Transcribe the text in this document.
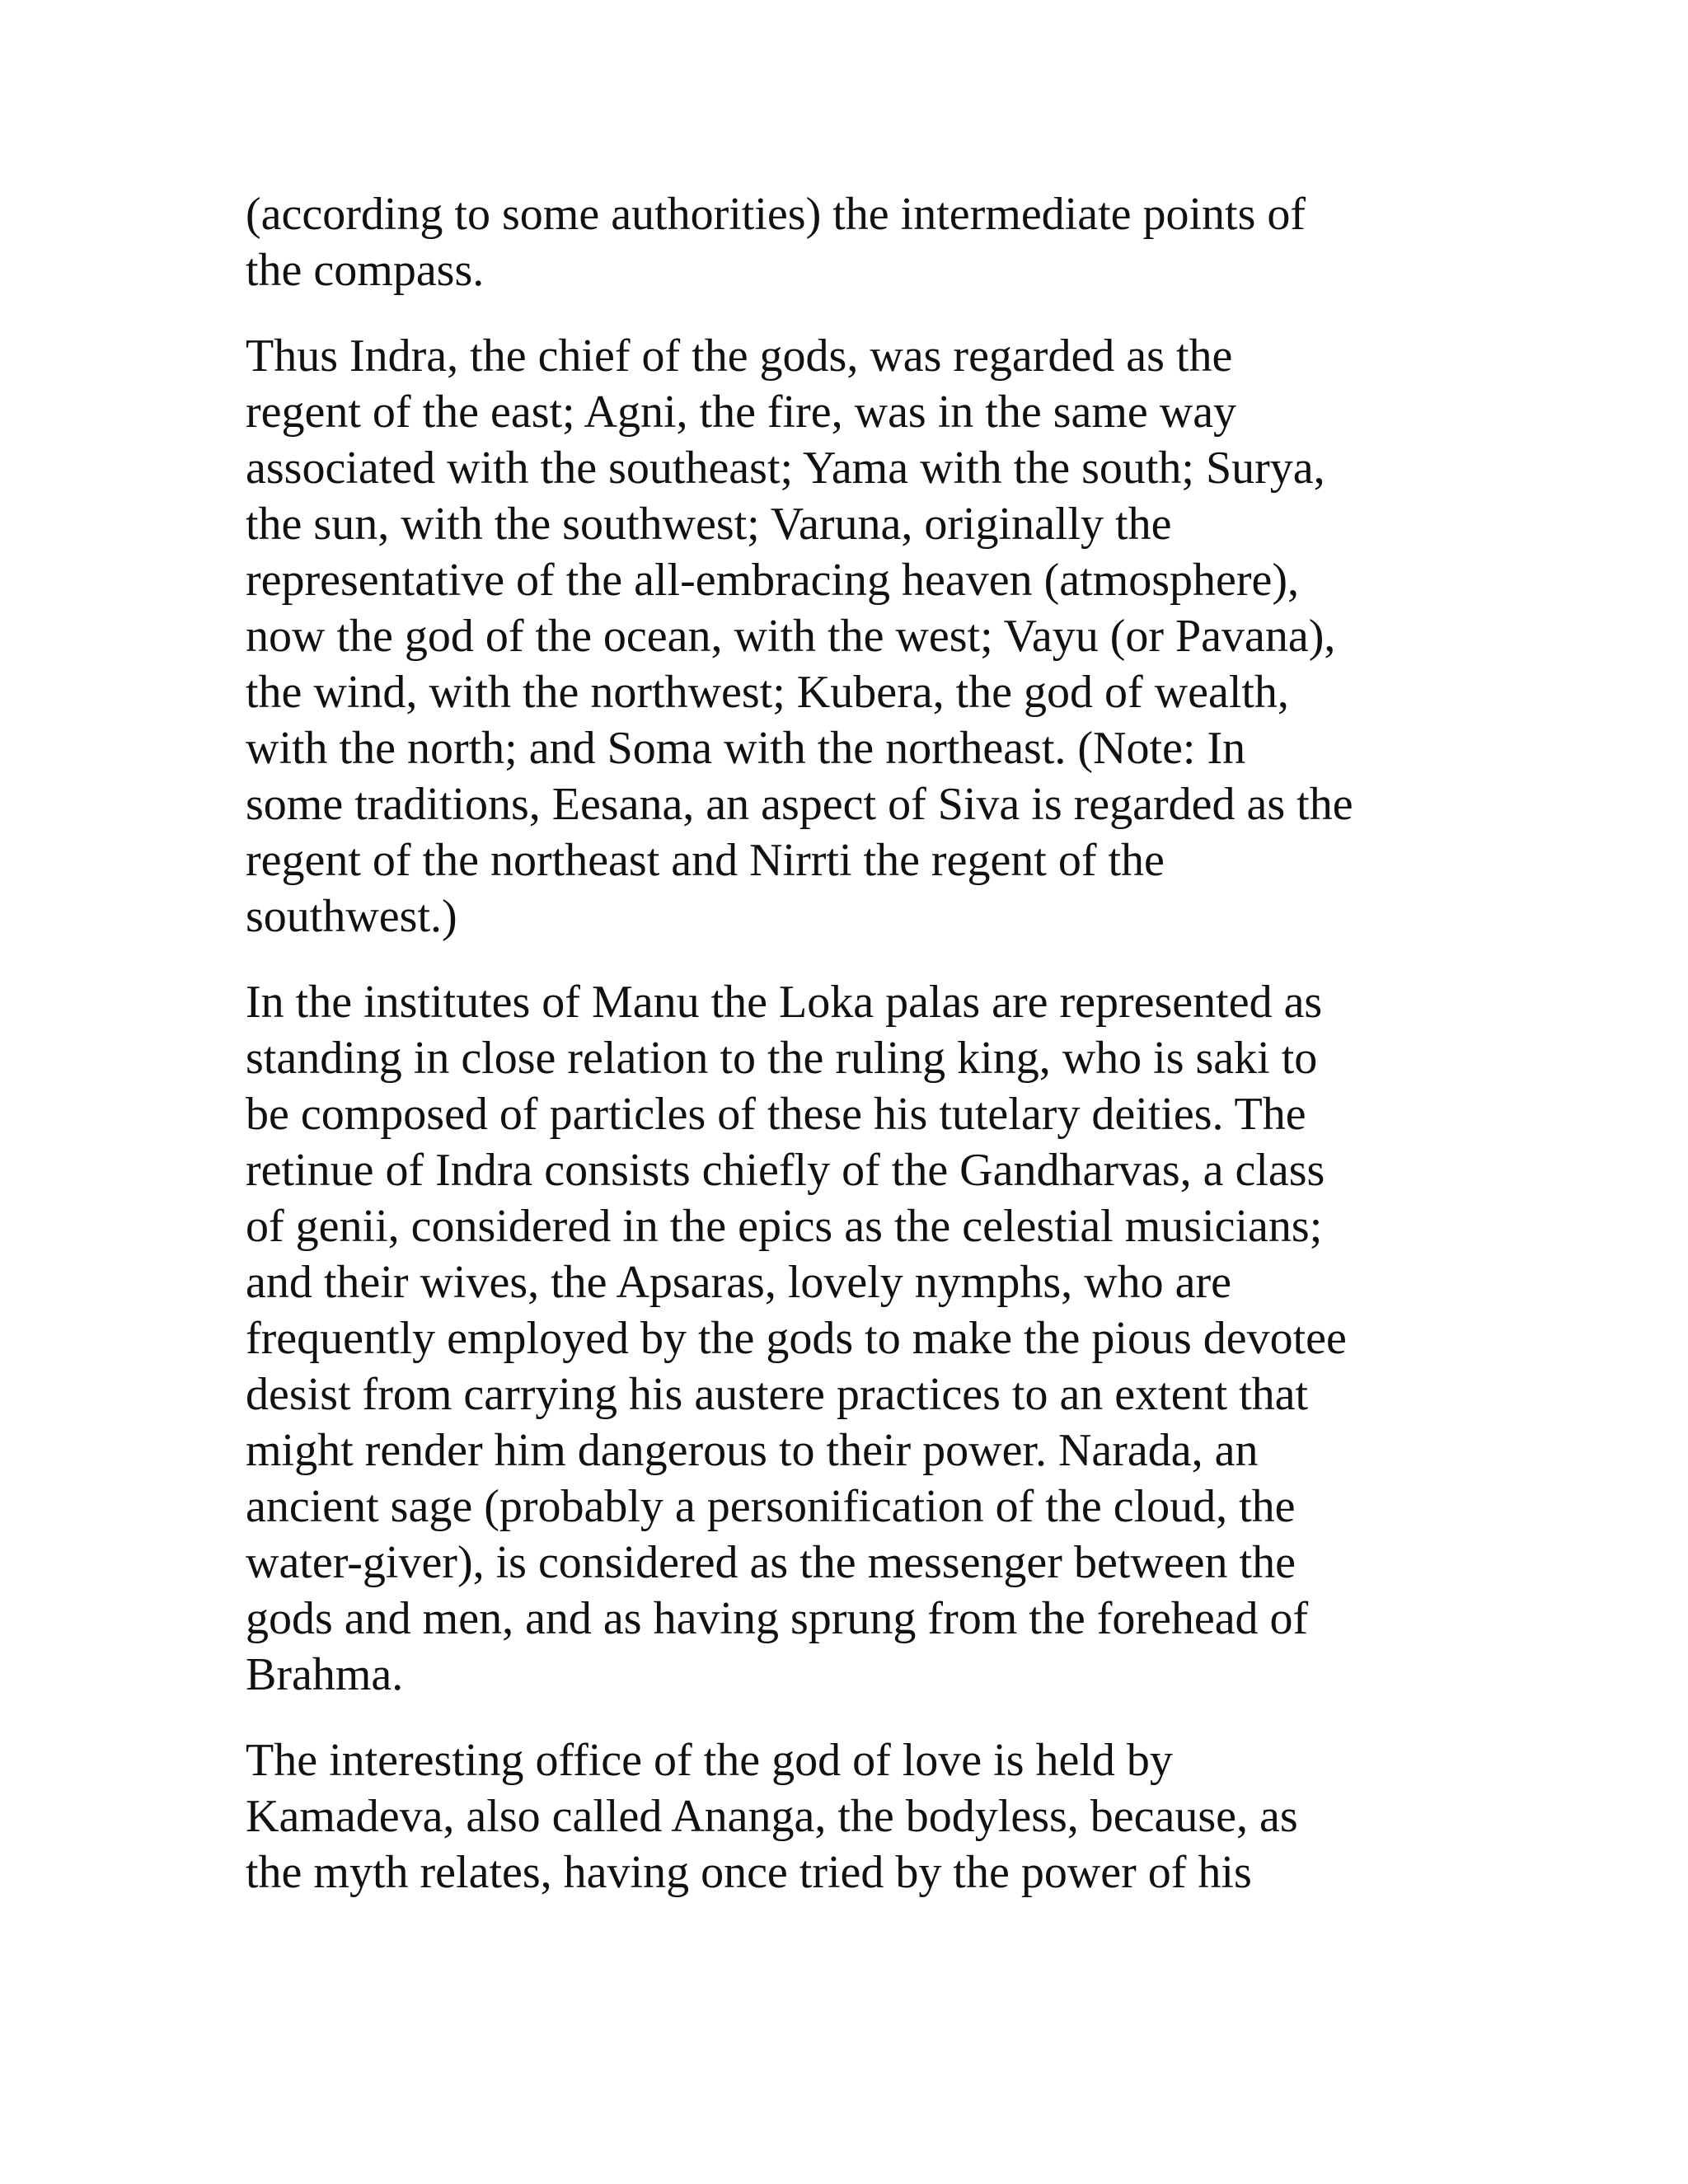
(according to some authorities) the intermediate points of
the compass.

Thus Indra, the chief of the gods, was regarded as the
regent of the east; Agni, the fire, was in the same way
associated with the southeast; Yama with the south; Surya,
the sun, with the southwest; Varuna, originally the
representative of the all-embracing heaven (atmosphere),
now the god of the ocean, with the west; Vayu (or Pavana),
the wind, with the northwest; Kubera, the god of wealth,
with the north; and Soma with the northeast. (Note: In
some traditions, Eesana, an aspect of Siva is regarded as the
regent of the northeast and Nirrti the regent of the
southwest.)

In the institutes of Manu the Loka palas are represented as
standing in close relation to the ruling king, who is saki to
be composed of particles of these his tutelary deities. The
retinue of Indra consists chiefly of the Gandharvas, a class
of genii, considered in the epics as the celestial musicians;
and their wives, the Apsaras, lovely nymphs, who are
frequently employed by the gods to make the pious devotee
desist from carrying his austere practices to an extent that
might render him dangerous to their power. Narada, an
ancient sage (probably a personification of the cloud, the
water-giver), is considered as the messenger between the
gods and men, and as having sprung from the forehead of
Brahma.

The interesting office of the god of love is held by
Kamadeva, also called Ananga, the bodyless, because, as
the myth relates, having once tried by the power of his
